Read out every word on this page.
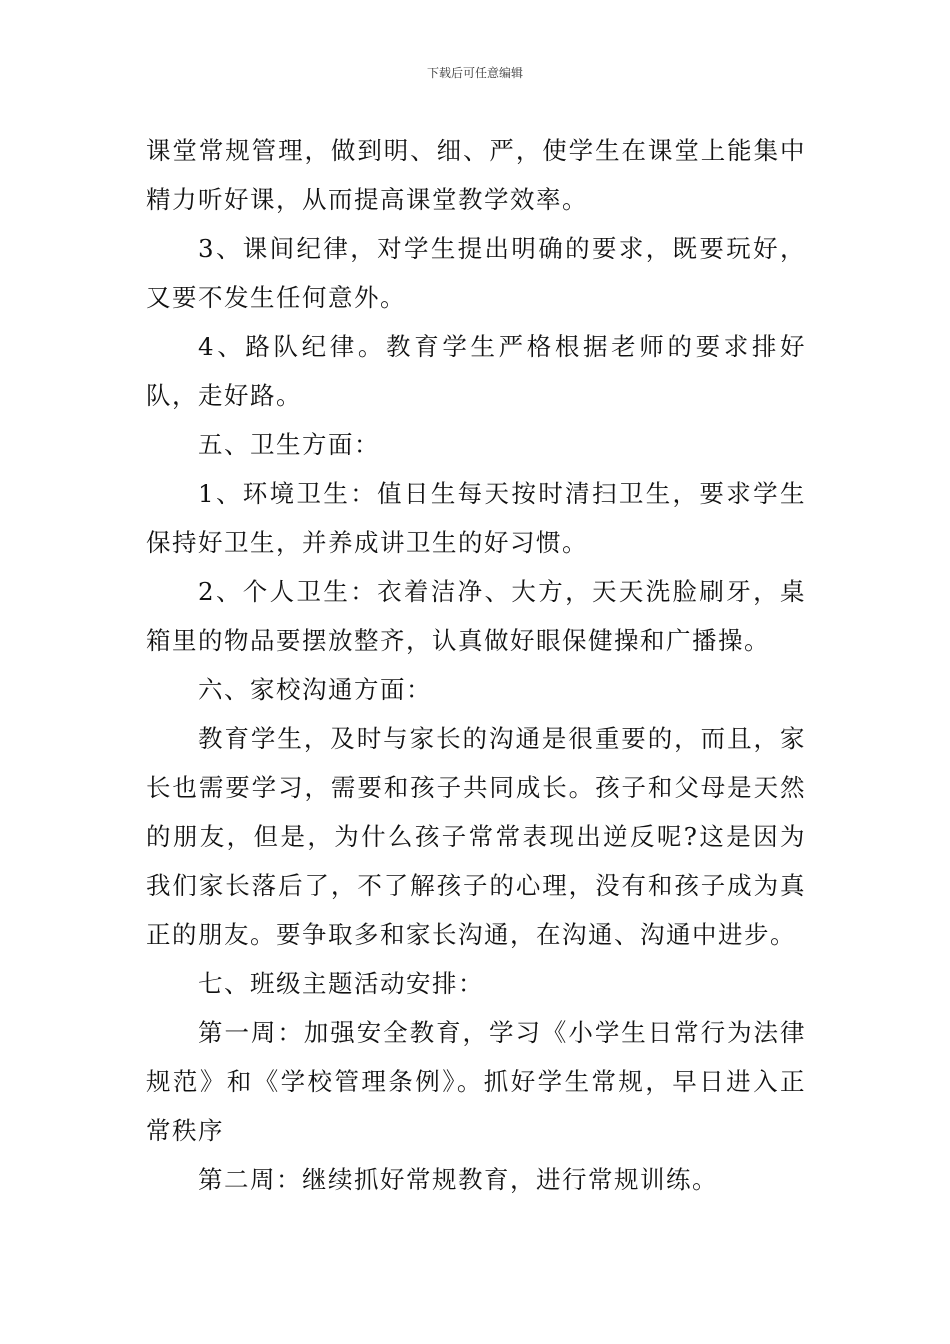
下载后可任意编辑

课堂常规管理，做到明、细、严，使学生在课堂上能集中精力听好课，从而提高课堂教学效率。

3、课间纪律，对学生提出明确的要求，既要玩好，又要不发生任何意外。

4、路队纪律。教育学生严格根据老师的要求排好队，走好路。

五、卫生方面：

1、环境卫生：值日生每天按时清扫卫生，要求学生保持好卫生，并养成讲卫生的好习惯。

2、个人卫生：衣着洁净、大方，天天洗脸刷牙，桌箱里的物品要摆放整齐，认真做好眼保健操和广播操。

六、家校沟通方面：

教育学生，及时与家长的沟通是很重要的，而且，家长也需要学习，需要和孩子共同成长。孩子和父母是天然的朋友，但是，为什么孩子常常表现出逆反呢?这是因为我们家长落后了，不了解孩子的心理，没有和孩子成为真正的朋友。要争取多和家长沟通，在沟通、沟通中进步。

七、班级主题活动安排：

第一周：加强安全教育，学习《小学生日常行为法律规范》和《学校管理条例》。抓好学生常规，早日进入正常秩序

第二周：继续抓好常规教育，进行常规训练。
